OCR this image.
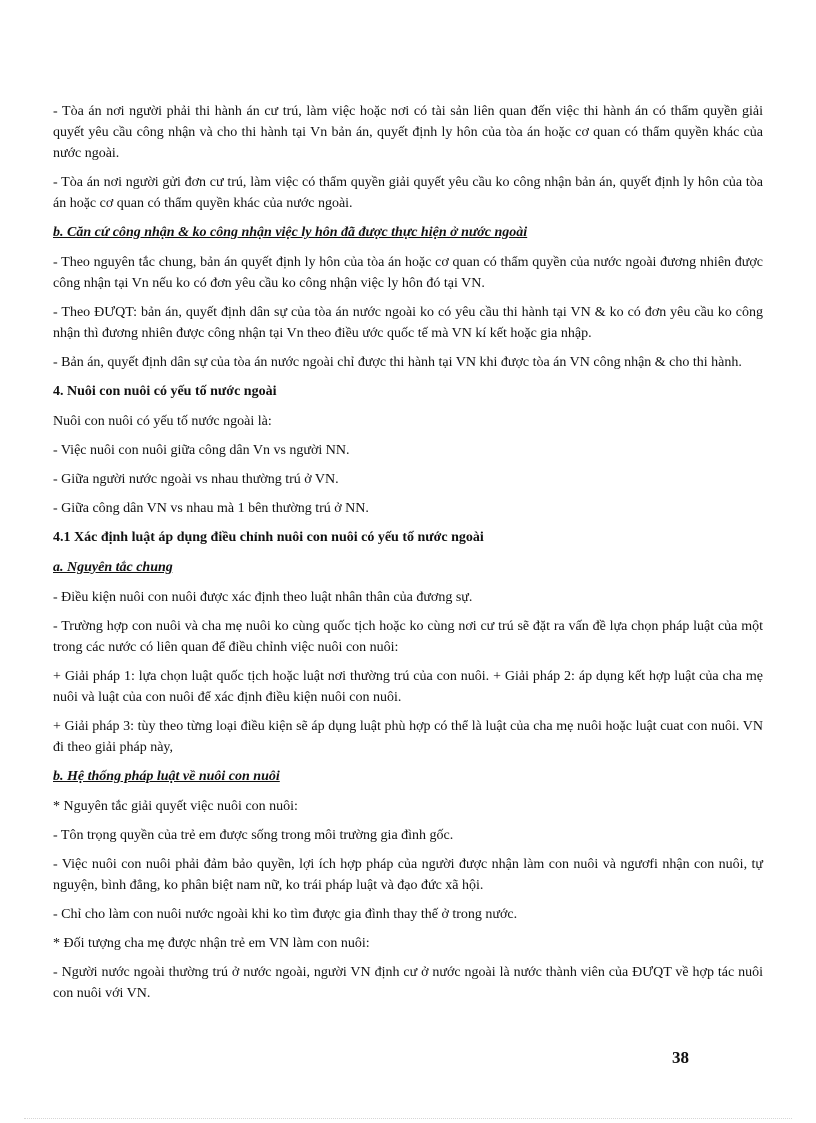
- Tòa án nơi người phải thi hành án cư trú, làm việc hoặc nơi có tài sản liên quan đến việc thi hành án có thẩm quyền giải quyết yêu cầu công nhận và cho thi hành tại Vn bản án, quyết định ly hôn của tòa án hoặc cơ quan có thẩm quyền khác của nước ngoài.

- Tòa án nơi người gửi đơn cư trú, làm việc có thẩm quyền giải quyết yêu cầu ko công nhận bản án, quyết định ly hôn của tòa án hoặc cơ quan có thẩm quyền khác của nước ngoài.

b. Căn cứ công nhận & ko công nhận việc ly hôn đã được thực hiện ở nước ngoài

- Theo nguyên tắc chung, bản án quyết định ly hôn của tòa án hoặc cơ quan có thẩm quyền của nước ngoài đương nhiên được công nhận tại Vn nếu ko có đơn yêu cầu ko công nhận việc ly hôn đó tại VN.

- Theo ĐƯQT: bản án, quyết định dân sự của tòa án nước ngoài ko có yêu cầu thi hành tại VN & ko có đơn yêu cầu ko công nhận thì đương nhiên được công nhận tại Vn theo điều ước quốc tế mà VN kí kết hoặc gia nhập.

- Bản án, quyết định dân sự của tòa án nước ngoài chỉ được thi hành tại VN khi được tòa án VN công nhận & cho thi hành.

4. Nuôi con nuôi có yếu tố nước ngoài

Nuôi con nuôi có yếu tố nước ngoài là:

- Việc nuôi con nuôi giữa công dân Vn vs người NN.

- Giữa người nước ngoài vs nhau thường trú ở VN.

- Giữa công dân VN vs nhau mà 1 bên thường trú ở NN.

4.1 Xác định luật áp dụng điều chỉnh nuôi con nuôi có yếu tố nước ngoài

a. Nguyên tắc chung

- Điều kiện nuôi con nuôi được xác định theo luật nhân thân của đương sự.

- Trường hợp con nuôi và cha mẹ nuôi ko cùng quốc tịch hoặc ko cùng nơi cư trú sẽ đặt ra vấn đề lựa chọn pháp luật của một trong các nước có liên quan để điều chỉnh việc nuôi con nuôi:

+ Giải pháp 1: lựa chọn luật quốc tịch hoặc luật nơi thường trú của con nuôi. + Giải pháp 2: áp dụng kết hợp luật của cha mẹ nuôi và luật của con nuôi để xác định điều kiện nuôi con nuôi.

+ Giải pháp 3: tùy theo từng loại điều kiện sẽ áp dụng luật phù hợp có thể là luật của cha mẹ nuôi hoặc luật cuat con nuôi. VN đi theo giải pháp này,

b. Hệ thống pháp luật về nuôi con nuôi

* Nguyên tắc giải quyết việc nuôi con nuôi:

- Tôn trọng quyền của trẻ em được sống trong môi trường gia đình gốc.

- Việc nuôi con nuôi phải đảm bảo quyền, lợi ích hợp pháp của người được nhận làm con nuôi và ngươfi nhận con nuôi, tự nguyện, bình đẳng, ko phân biệt nam nữ, ko trái pháp luật và đạo đức xã hội.

- Chỉ cho làm con nuôi nước ngoài khi ko tìm được gia đình thay thế ở trong nước.

* Đối tượng cha mẹ được nhận trẻ em VN làm con nuôi:

- Người nước ngoài thường trú ở nước ngoài, người VN định cư ở nước ngoài là nước thành viên của ĐƯQT về hợp tác nuôi con nuôi với VN.

38
